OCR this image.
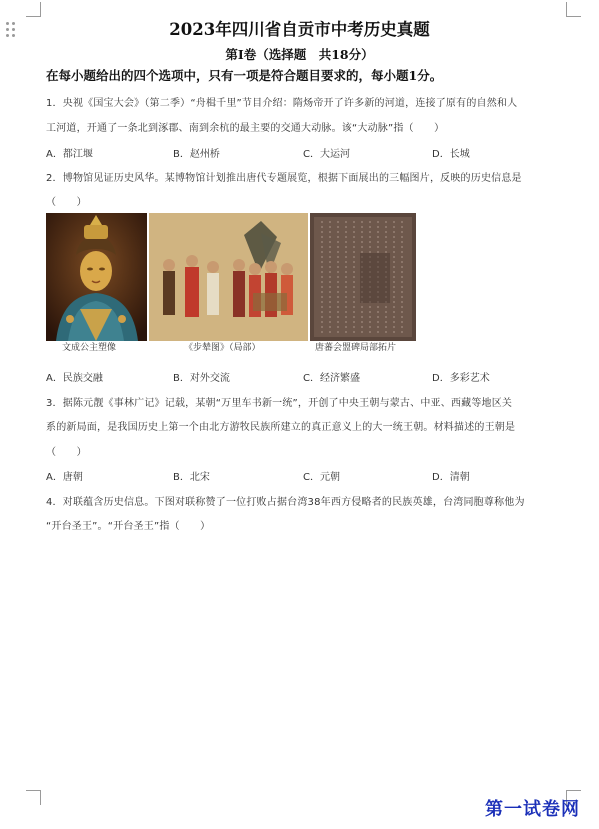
2023年四川省自贡市中考历史真题
第Ⅰ卷（选择题　共18分）
在每小题给出的四个选项中，只有一项是符合题目要求的，每小题1分。
1．央视《国宝大会》（第二季）“舟楫千里”节目介绍：隋炀帝开了许多新的河道，连接了原有的自然和人
工河道，开通了一条北到涿郡、南到余杭的最主要的交通大动脉。该“大动脉”指（　　）
A．都江堰	B．赵州桥	C．大运河	D．长城
2．博物馆见证历史风华。某博物馆计划推出唐代专题展览，根据下面展出的三幅图片，反映的历史信息是
（　　）
文成公主塑像	《步辇图》（局部）	唐蕃会盟碑局部拓片
A．民族交融	B．对外交流	C．经济繁盛	D．多彩艺术
3．据陈元靓《事林广记》记载，某朝“万里车书新一统”，开创了中央王朝与蒙古、中亚、西藏等地区关
系的新局面，是我国历史上第一个由北方游牧民族所建立的真正意义上的大一统王朝。材料描述的王朝是
（　　）
A．唐朝	B．北宋	C．元朝	D．清朝
4．对联蕴含历史信息。下图对联称赞了一位打败占据台湾38年西方侵略者的民族英雄，台湾同胞尊称他为
“开台圣王”。“开台圣王”指（　　）
第一试卷网
